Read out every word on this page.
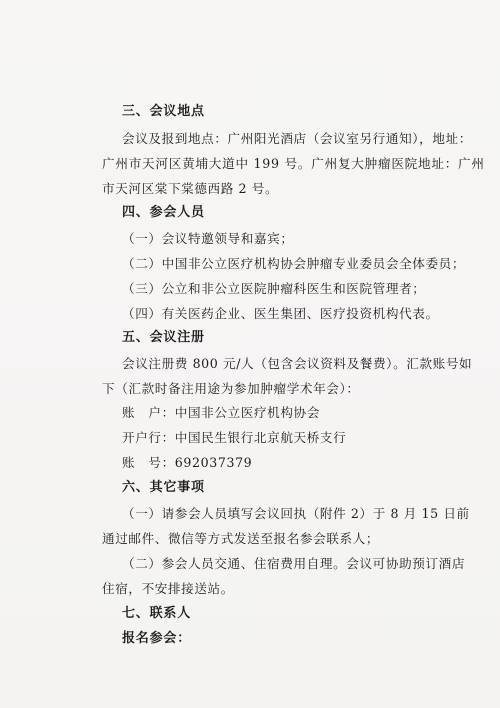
三、会议地点
会议及报到地点：广州阳光酒店（会议室另行通知），地址：
广州市天河区黄埔大道中 199 号。广州复大肿瘤医院地址：广州
市天河区棠下棠德西路 2 号。
四、参会人员
（一）会议特邀领导和嘉宾；
（二）中国非公立医疗机构协会肿瘤专业委员会全体委员；
（三）公立和非公立医院肿瘤科医生和医院管理者；
（四）有关医药企业、医生集团、医疗投资机构代表。
五、会议注册
会议注册费 800 元/人（包含会议资料及餐费）。汇款账号如
下（汇款时备注用途为参加肿瘤学术年会）：
账　户：中国非公立医疗机构协会
开户行：中国民生银行北京航天桥支行
账　号：692037379
六、其它事项
（一）请参会人员填写会议回执（附件 2）于 8 月 15 日前
通过邮件、微信等方式发送至报名参会联系人；
（二）参会人员交通、住宿费用自理。会议可协助预订酒店
住宿，不安排接送站。
七、联系人
报名参会：
